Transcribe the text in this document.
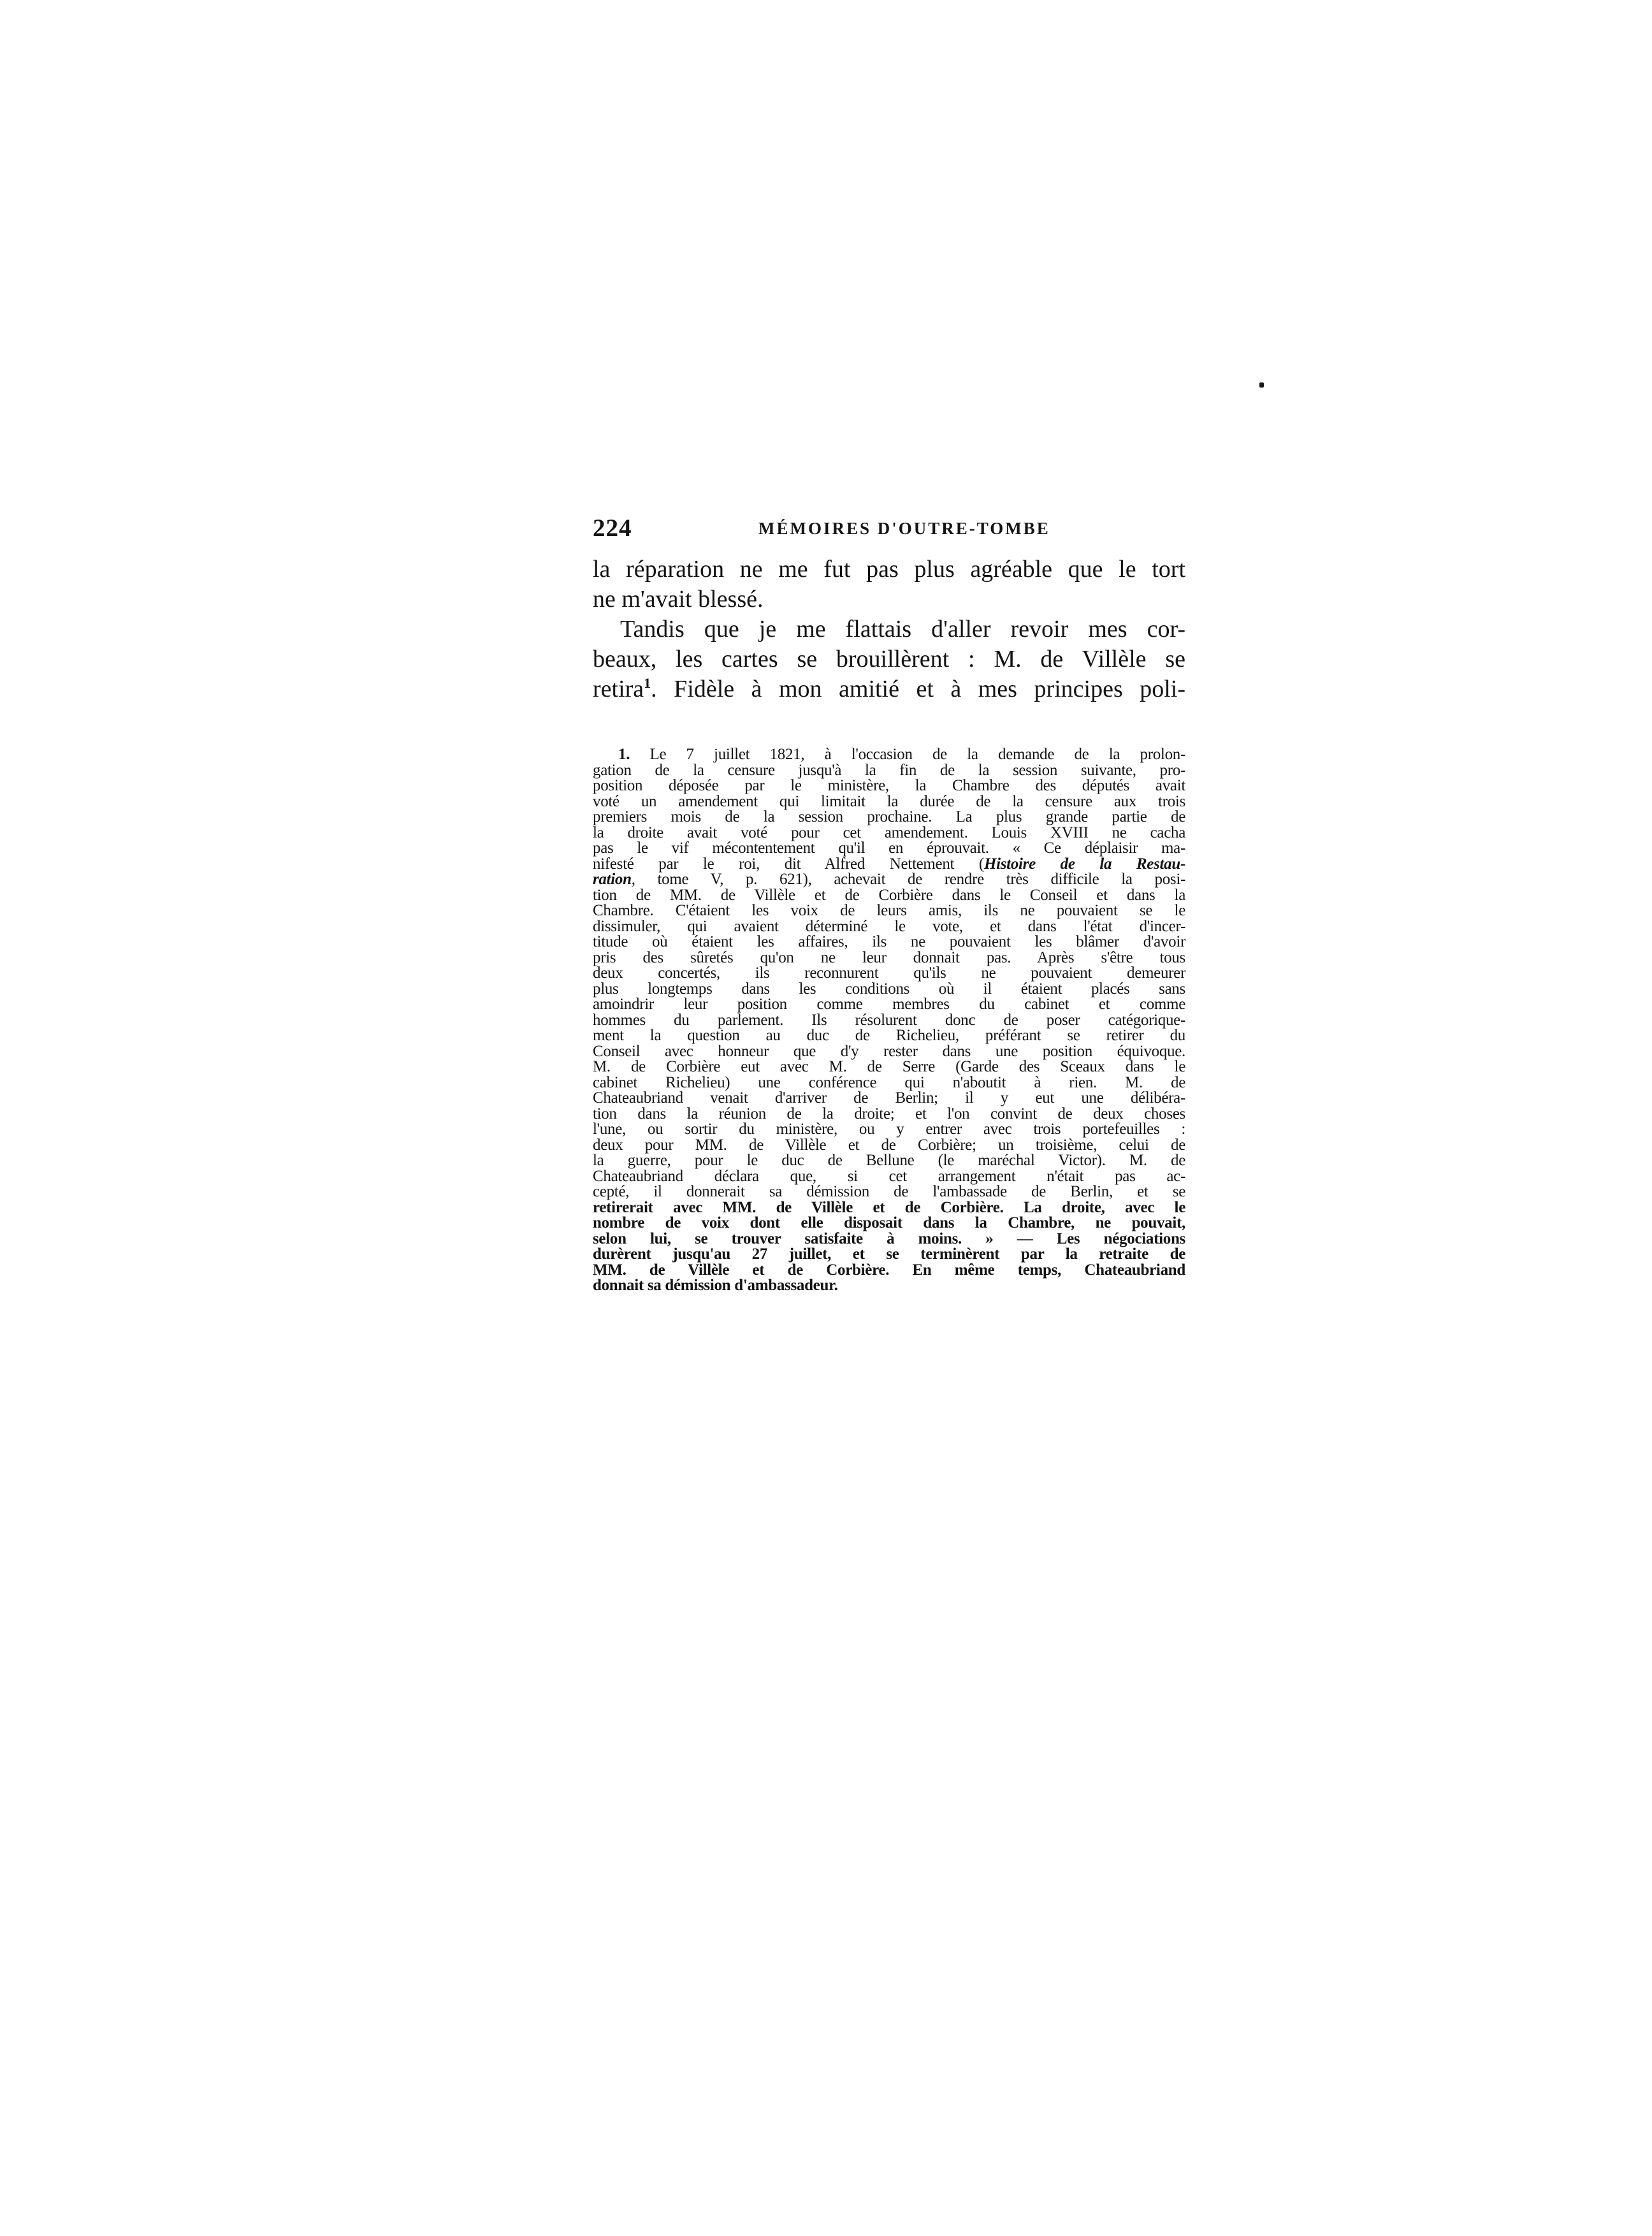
224	MÉMOIRES D'OUTRE-TOMBE
la réparation ne me fut pas plus agréable que le tort
ne m'avait blessé.
Tandis que je me flattais d'aller revoir mes cor-
beaux, les cartes se brouillèrent : M. de Villèle se
retira$^1$. Fidèle à mon amitié et à mes principes poli-
1. Le 7 juillet 1821, à l'occasion de la demande de la prolon-
gation de la censure jusqu'à la fin de la session suivante, pro-
position déposée par le ministère, la Chambre des députés avait
voté un amendement qui limitait la durée de la censure aux trois
premiers mois de la session prochaine. La plus grande partie de
la droite avait voté pour cet amendement. Louis XVIII ne cacha
pas le vif mécontentement qu'il en éprouvait. « Ce déplaisir ma-
nifesté par le roi, dit Alfred Nettement (Histoire de la Restau-
ration, tome V, p. 621), achevait de rendre très difficile la posi-
tion de MM. de Villèle et de Corbière dans le Conseil et dans la
Chambre. C'étaient les voix de leurs amis, ils ne pouvaient se le
dissimuler, qui avaient déterminé le vote, et dans l'état d'incer-
titude où étaient les affaires, ils ne pouvaient les blâmer d'avoir
pris des sûretés qu'on ne leur donnait pas. Après s'être tous
deux concertés, ils reconnurent qu'ils ne pouvaient demeurer
plus longtemps dans les conditions où il étaient placés sans
amoindrir leur position comme membres du cabinet et comme
hommes du parlement. Ils résolurent donc de poser catégorique-
ment la question au duc de Richelieu, préférant se retirer du
Conseil avec honneur que d'y rester dans une position équivoque.
M. de Corbière eut avec M. de Serre (Garde des Sceaux dans le
cabinet Richelieu) une conférence qui n'aboutit à rien. M. de
Chateaubriand venait d'arriver de Berlin; il y eut une délibéra-
tion dans la réunion de la droite; et l'on convint de deux choses
l'une, ou sortir du ministère, ou y entrer avec trois portefeuilles :
deux pour MM. de Villèle et de Corbière; un troisième, celui de
la guerre, pour le duc de Bellune (le maréchal Victor). M. de
Chateaubriand déclara que, si cet arrangement n'était pas ac-
cepté, il donnerait sa démission de l'ambassade de Berlin, et se
retirerait avec MM. de Villèle et de Corbière. La droite, avec le
nombre de voix dont elle disposait dans la Chambre, ne pouvait,
selon lui, se trouver satisfaite à moins. » — Les négociations
durèrent jusqu'au 27 juillet, et se terminèrent par la retraite de
MM. de Villèle et de Corbière. En même temps, Chateaubriand
donnait sa démission d'ambassadeur.
